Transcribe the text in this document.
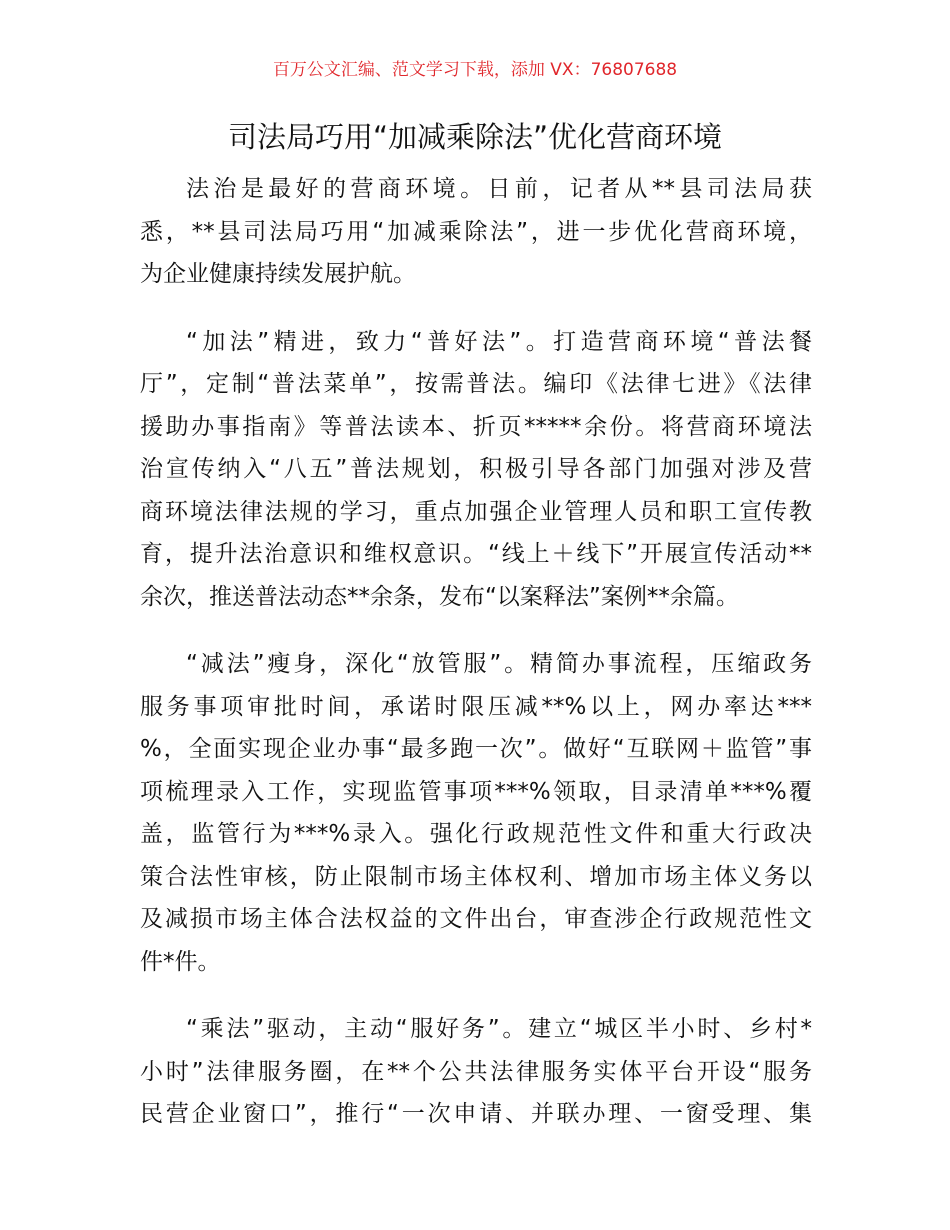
百万公文汇编、范文学习下载，添加 VX：76807688
司法局巧用“加减乘除法”优化营商环境
法治是最好的营商环境。日前，记者从**县司法局获
悉，**县司法局巧用“加减乘除法”，进一步优化营商环境，
为企业健康持续发展护航。
“加法”精进，致力“普好法”。打造营商环境“普法餐
厅”，定制“普法菜单”，按需普法。编印《法律七进》《法律
援助办事指南》等普法读本、折页*****余份。将营商环境法
治宣传纳入“八五”普法规划，积极引导各部门加强对涉及营
商环境法律法规的学习，重点加强企业管理人员和职工宣传教
育，提升法治意识和维权意识。“线上＋线下”开展宣传活动**
余次，推送普法动态**余条，发布“以案释法”案例**余篇。
“减法”瘦身，深化“放管服”。精简办事流程，压缩政务
服务事项审批时间，承诺时限压减**%以上，网办率达***
%，全面实现企业办事“最多跑一次”。做好“互联网＋监管”事
项梳理录入工作，实现监管事项***%领取，目录清单***%覆
盖，监管行为***%录入。强化行政规范性文件和重大行政决
策合法性审核，防止限制市场主体权利、增加市场主体义务以
及减损市场主体合法权益的文件出台，审查涉企行政规范性文
件*件。
“乘法”驱动，主动“服好务”。建立“城区半小时、乡村*
小时”法律服务圈，在**个公共法律服务实体平台开设“服务
民营企业窗口”，推行“一次申请、并联办理、一窗受理、集
